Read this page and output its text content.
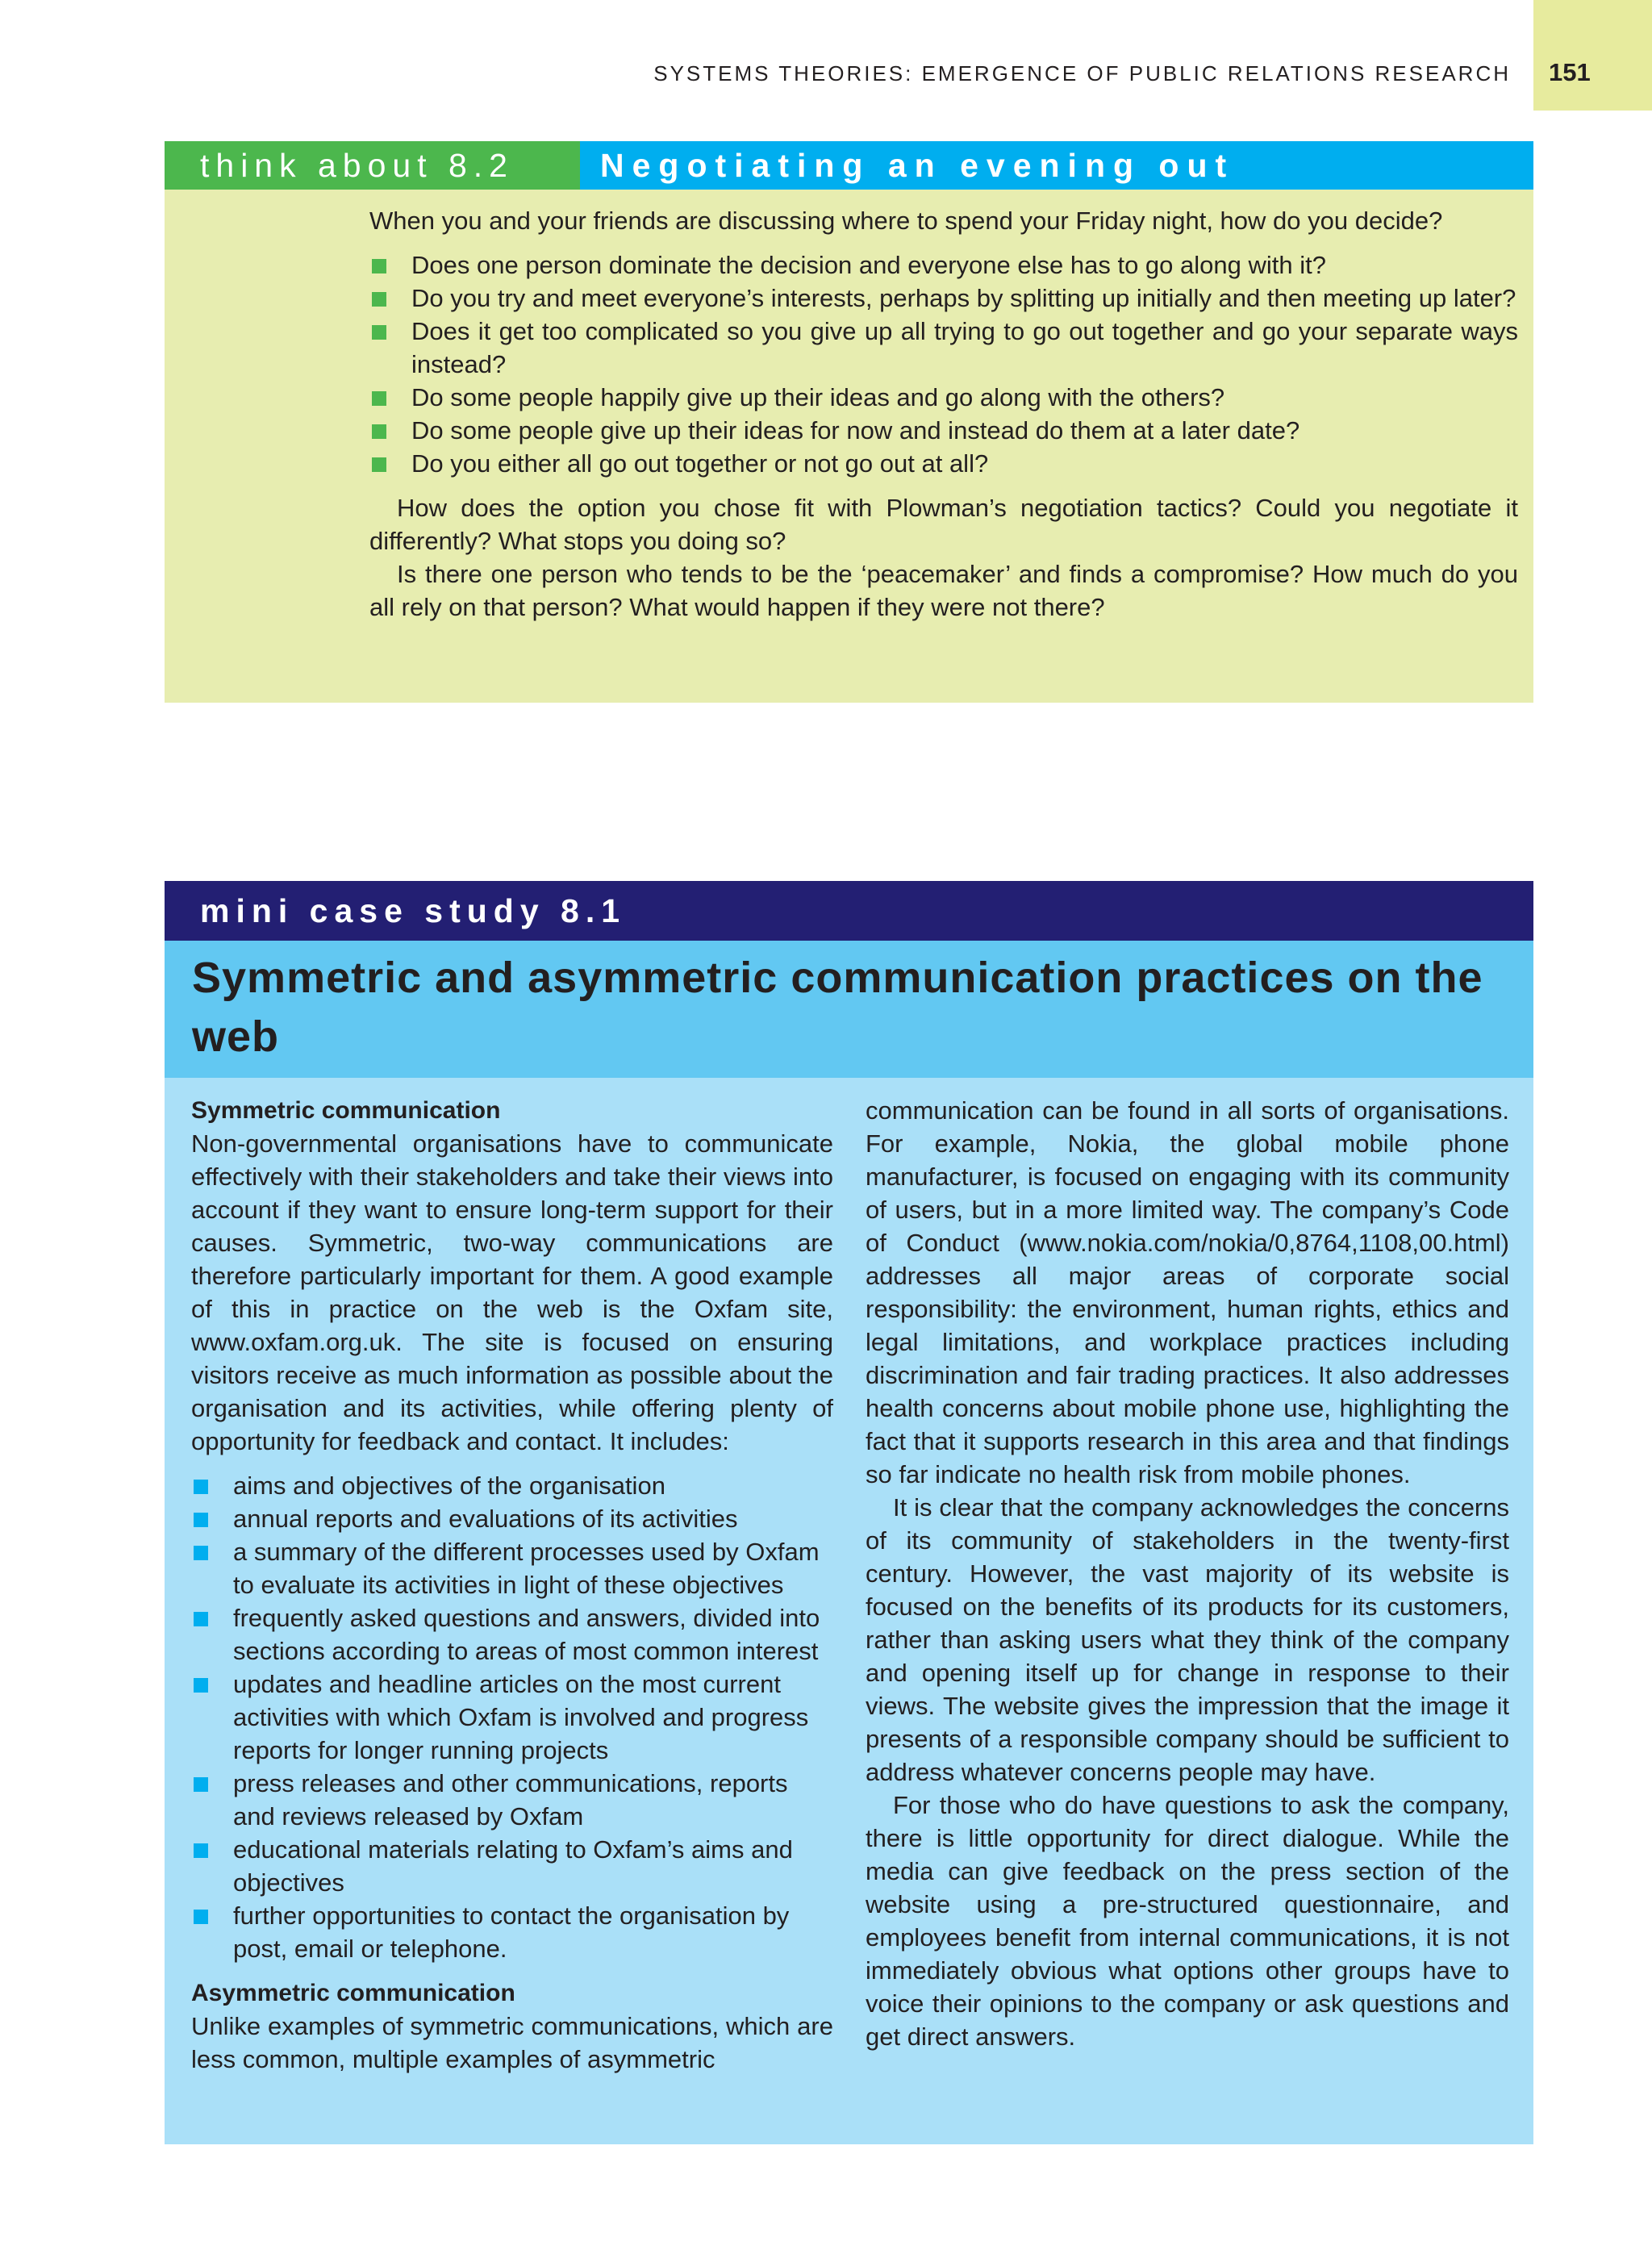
SYSTEMS THEORIES: EMERGENCE OF PUBLIC RELATIONS RESEARCH 151
think about 8.2	Negotiating an evening out

When you and your friends are discussing where to spend your Friday night, how do you decide?

Does one person dominate the decision and everyone else has to go along with it?
Do you try and meet everyone’s interests, perhaps by splitting up initially and then meeting up later?
Does it get too complicated so you give up all trying to go out together and go your separate ways instead?
Do some people happily give up their ideas and go along with the others?
Do some people give up their ideas for now and instead do them at a later date?
Do you either all go out together or not go out at all?

How does the option you chose fit with Plowman’s negotiation tactics? Could you negotiate it differently? What stops you doing so?

Is there one person who tends to be the ‘peacemaker’ and finds a compromise? How much do you all rely on that person? What would happen if they were not there?

mini case study 8.1
Symmetric and asymmetric communication practices on the web
Symmetric communication

Non-governmental organisations have to communicate effectively with their stakeholders and take their views into account if they want to ensure long-term support for their causes. Symmetric, two-way communications are therefore particularly important for them. A good example of this in practice on the web is the Oxfam site, www.oxfam.org.uk. The site is focused on ensuring visitors receive as much information as possible about the organisation and its activities, while offering plenty of opportunity for feedback and contact. It includes:

aims and objectives of the organisation
annual reports and evaluations of its activities
a summary of the different processes used by Oxfam to evaluate its activities in light of these objectives
frequently asked questions and answers, divided into sections according to areas of most common interest
updates and headline articles on the most current activities with which Oxfam is involved and progress reports for longer running projects
press releases and other communications, reports and reviews released by Oxfam
educational materials relating to Oxfam’s aims and objectives
further opportunities to contact the organisation by post, email or telephone.
Asymmetric communication

Unlike examples of symmetric communications, which are less common, multiple examples of asymmetric

communication can be found in all sorts of organisations. For example, Nokia, the global mobile phone manufacturer, is focused on engaging with its community of users, but in a more limited way. The company’s Code of Conduct (www.nokia.com/nokia/0,8764,1108,00.html) addresses all major areas of corporate social responsibility: the environment, human rights, ethics and legal limitations, and workplace practices including discrimination and fair trading practices. It also addresses health concerns about mobile phone use, highlighting the fact that it supports research in this area and that findings so far indicate no health risk from mobile phones.

It is clear that the company acknowledges the concerns of its community of stakeholders in the twenty-first century. However, the vast majority of its website is focused on the benefits of its products for its customers, rather than asking users what they think of the company and opening itself up for change in response to their views. The website gives the impression that the image it presents of a responsible company should be sufficient to address whatever concerns people may have.

For those who do have questions to ask the company, there is little opportunity for direct dialogue. While the media can give feedback on the press section of the website using a pre-structured questionnaire, and employees benefit from internal communications, it is not immediately obvious what options other groups have to voice their opinions to the company or ask questions and get direct answers.
